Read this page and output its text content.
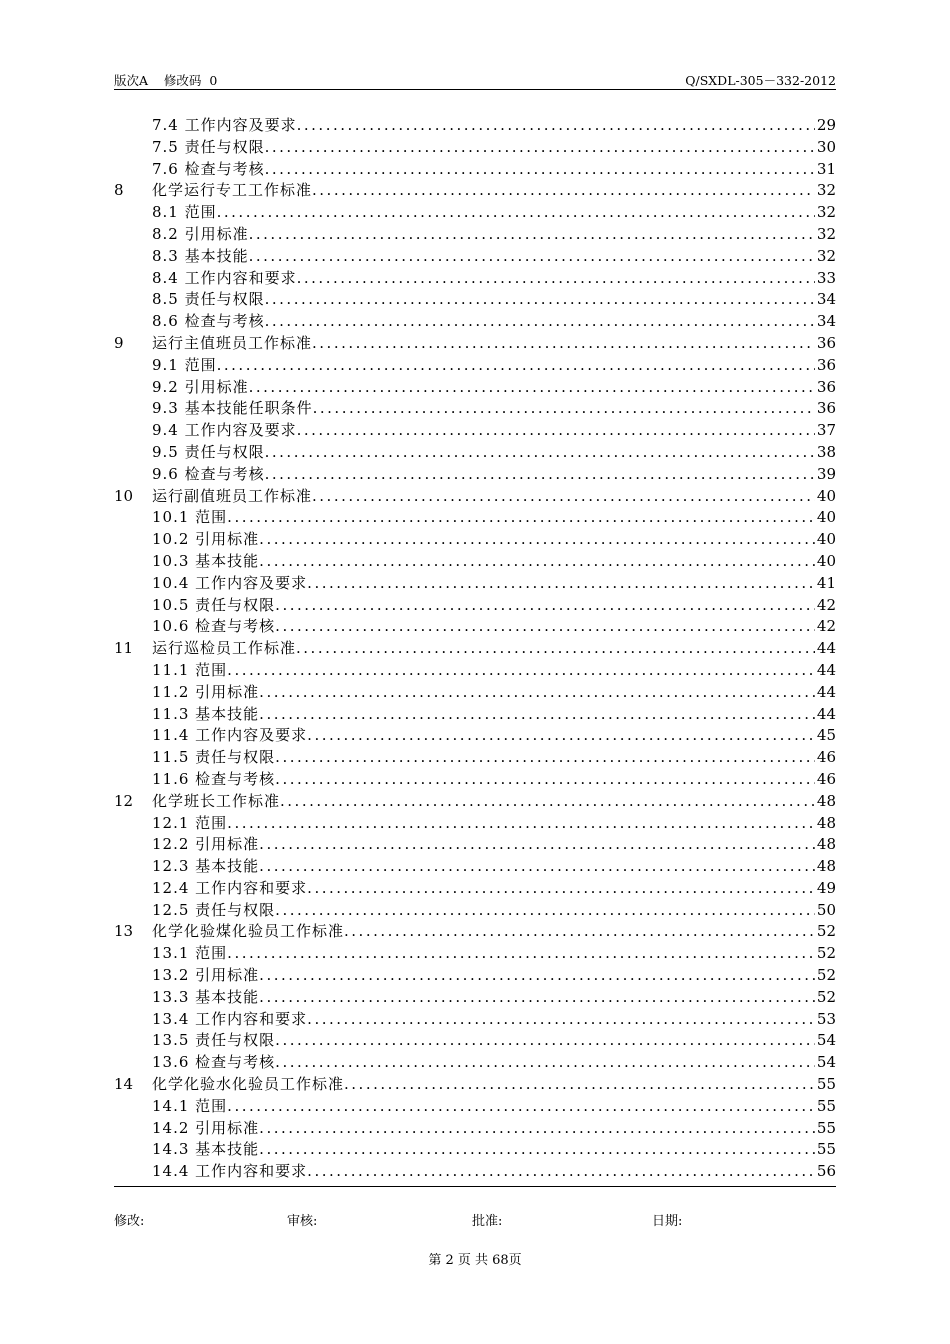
版次A    修改码  0	Q/SXDL-305－332-2012
7.4 工作内容及要求 .....	29
7.5 责任与权限 .....	30
7.6 检查与考核 .....	31
8 化学运行专工工作标准 .....	32
8.1 范围 .....	32
8.2 引用标准 .....	32
8.3 基本技能 .....	32
8.4 工作内容和要求 .....	33
8.5 责任与权限 .....	34
8.6 检查与考核 .....	34
9 运行主值班员工作标准 .....	36
9.1 范围 .....	36
9.2 引用标准 .....	36
9.3 基本技能任职条件 .....	36
9.4 工作内容及要求 .....	37
9.5 责任与权限 .....	38
9.6 检查与考核 .....	39
10 运行副值班员工作标准 .....	40
10.1 范围 .....	40
10.2 引用标准 .....	40
10.3 基本技能 .....	40
10.4 工作内容及要求 .....	41
10.5 责任与权限 .....	42
10.6 检查与考核 .....	42
11 运行巡检员工作标准 .....	44
11.1 范围 .....	44
11.2 引用标准 .....	44
11.3 基本技能 .....	44
11.4 工作内容及要求 .....	45
11.5 责任与权限 .....	46
11.6 检查与考核 .....	46
12 化学班长工作标准 .....	48
12.1 范围 .....	48
12.2 引用标准 .....	48
12.3 基本技能 .....	48
12.4 工作内容和要求 .....	49
12.5 责任与权限 .....	50
13 化学化验煤化验员工作标准 .....	52
13.1 范围 .....	52
13.2 引用标准 .....	52
13.3 基本技能 .....	52
13.4 工作内容和要求 .....	53
13.5 责任与权限 .....	54
13.6 检查与考核 .....	54
14 化学化验水化验员工作标准 .....	55
14.1 范围 .....	55
14.2 引用标准 .....	55
14.3 基本技能 .....	55
14.4 工作内容和要求 .....	56
修改:	审核:	批准:	日期:
第 2 页 共 68页
